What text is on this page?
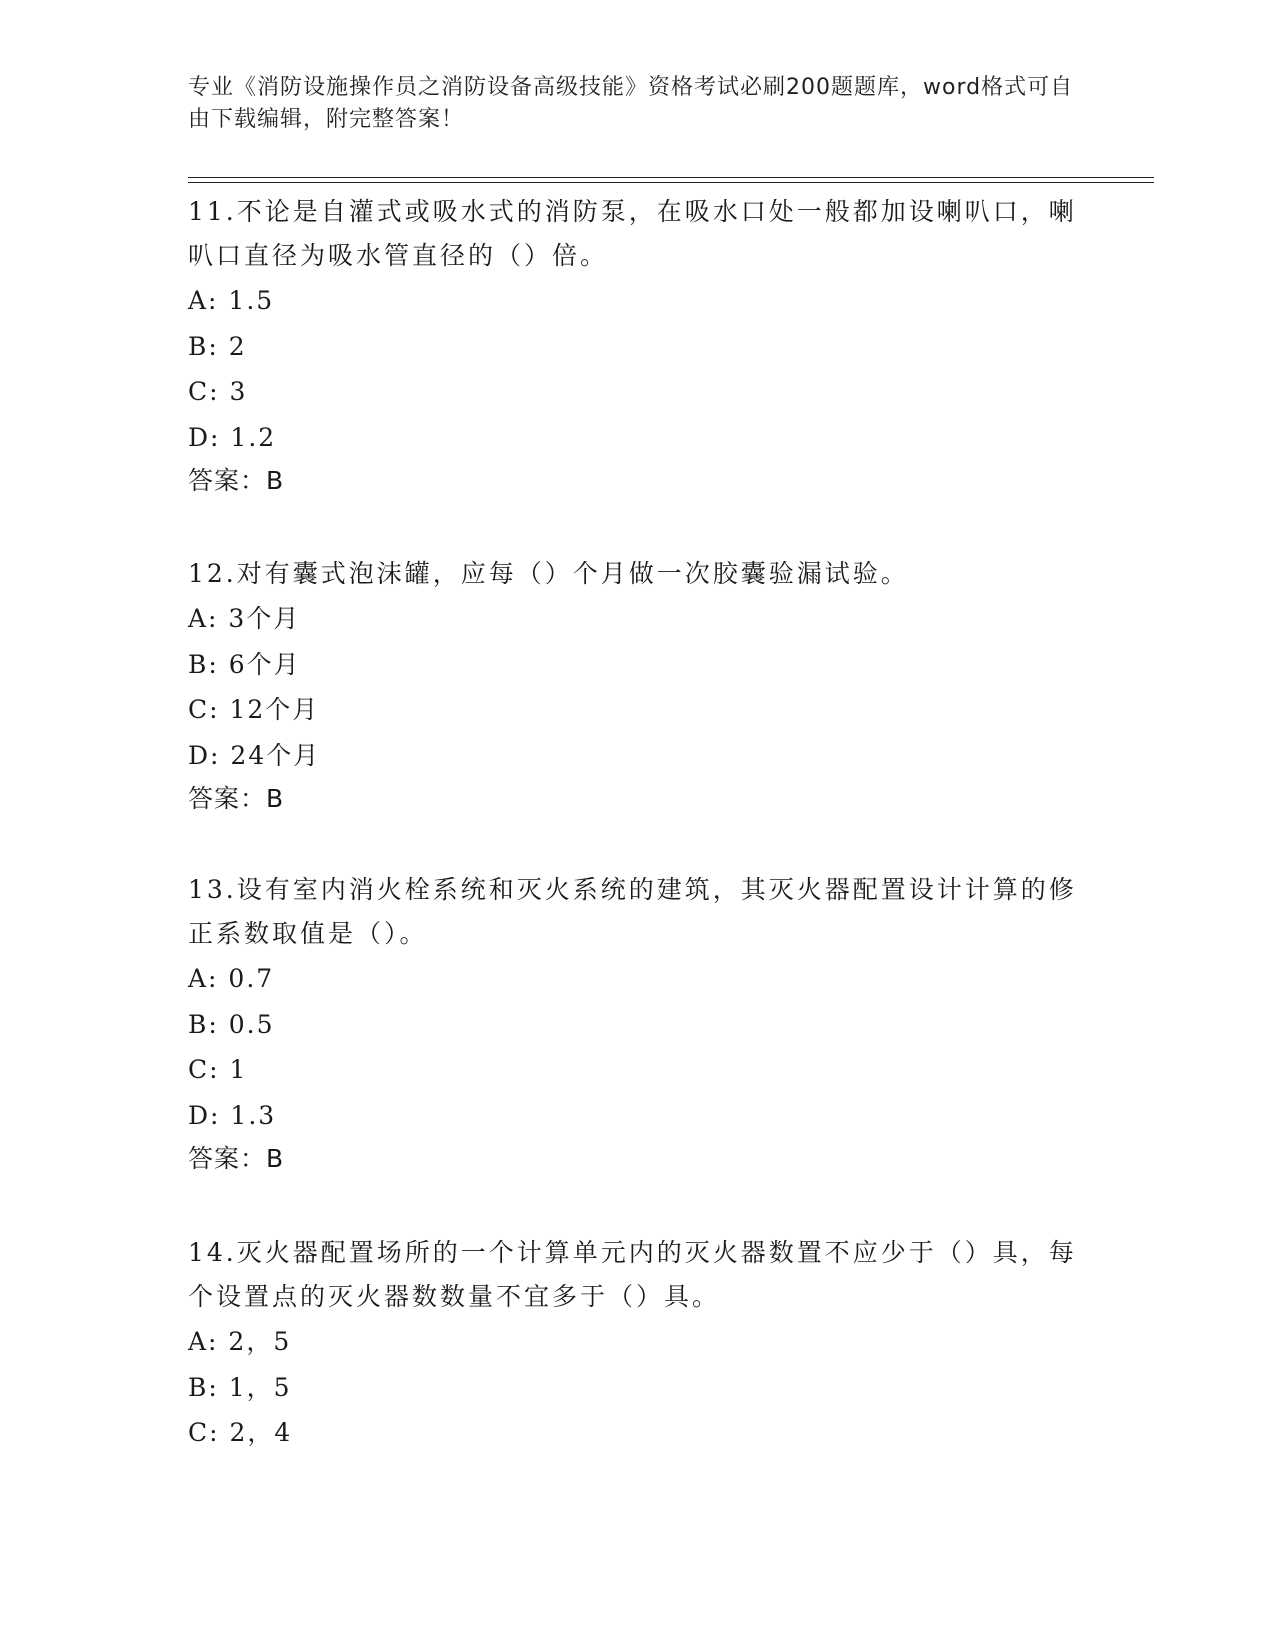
专业《消防设施操作员之消防设备高级技能》资格考试必刷200题题库，word格式可自由下载编辑，附完整答案！

11.不论是自灌式或吸水式的消防泵，在吸水口处一般都加设喇叭口，喇叭口直径为吸水管直径的（）倍。

A: 1.5

B: 2

C: 3

D: 1.2

答案：B

12.对有囊式泡沫罐，应每（）个月做一次胶囊验漏试验。

A: 3个月

B: 6个月

C: 12个月

D: 24个月

答案：B

13.设有室内消火栓系统和灭火系统的建筑，其灭火器配置设计计算的修正系数取值是（）。

A: 0.7

B: 0.5

C: 1

D: 1.3

答案：B

14.灭火器配置场所的一个计算单元内的灭火器数置不应少于（）具，每个设置点的灭火器数数量不宜多于（）具。

A: 2，5

B: 1，5

C: 2，4
